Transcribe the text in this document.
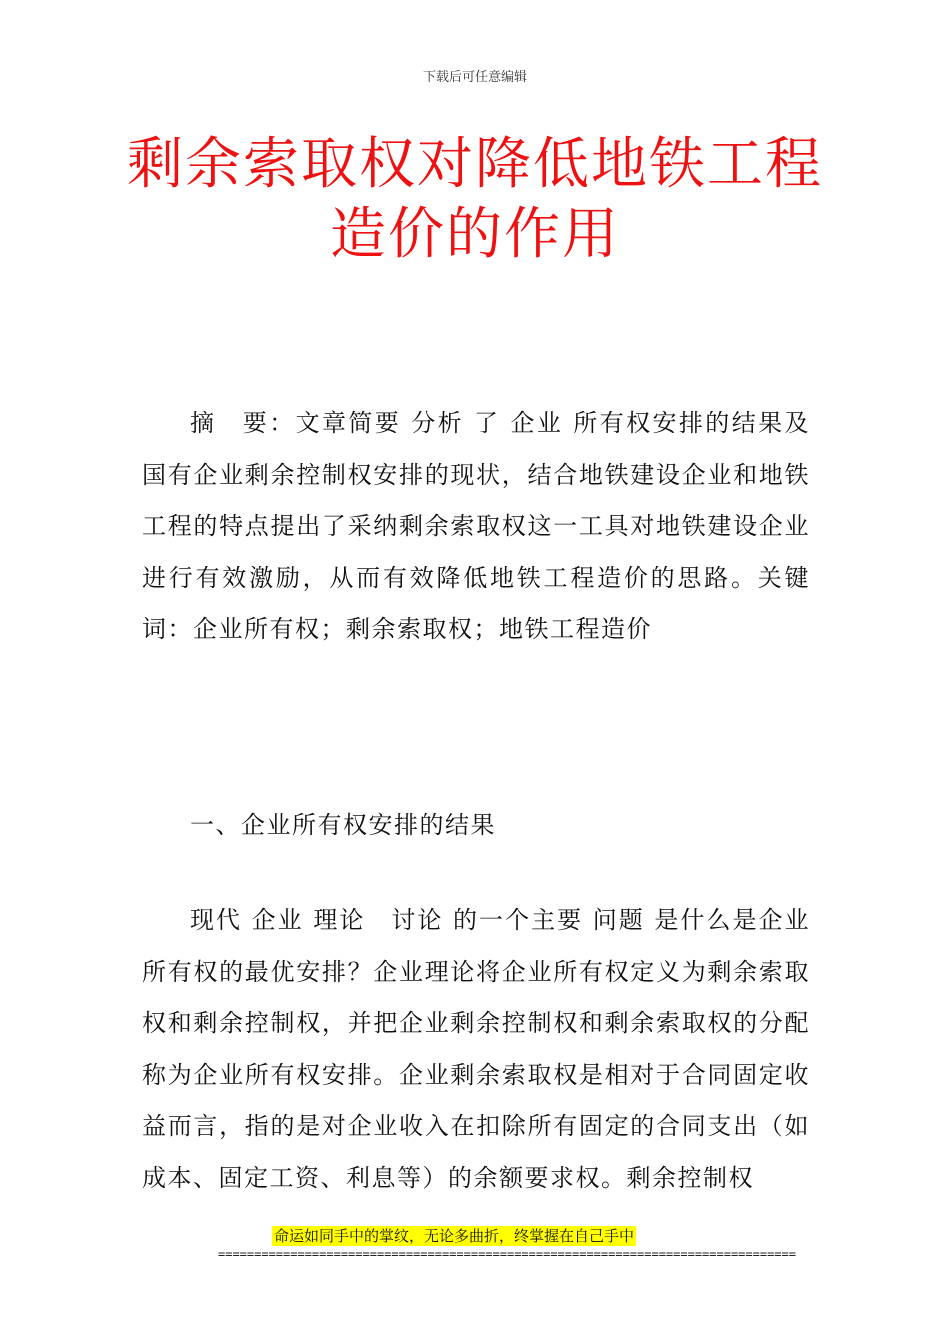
下载后可任意编辑
剩余索取权对降低地铁工程造价的作用
摘　要：文章简要 分析 了 企业 所有权安排的结果及国有企业剩余控制权安排的现状，结合地铁建设企业和地铁工程的特点提出了采纳剩余索取权这一工具对地铁建设企业进行有效激励，从而有效降低地铁工程造价的思路。关键词：企业所有权；剩余索取权；地铁工程造价
一、企业所有权安排的结果
现代 企业 理论　讨论 的一个主要 问题 是什么是企业所有权的最优安排？企业理论将企业所有权定义为剩余索取权和剩余控制权，并把企业剩余控制权和剩余索取权的分配称为企业所有权安排。企业剩余索取权是相对于合同固定收益而言，指的是对企业收入在扣除所有固定的合同支出（如成本、固定工资、利息等）的余额要求权。剩余控制权
命运如同手中的掌纹，无论多曲折，终掌握在自己手中
================================================================================
